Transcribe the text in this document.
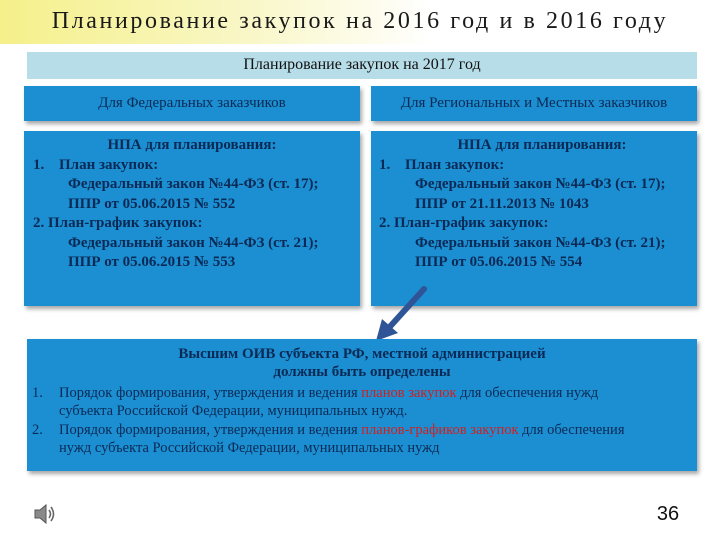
Планирование закупок на 2016 год и в 2016 году
Планирование закупок на 2017 год
Для Федеральных заказчиков	Для Региональных и Местных заказчиков
НПА для планирования:
1. План закупок:
Федеральный закон №44-ФЗ (ст. 17);
ППР от 05.06.2015 № 552
2. План-график закупок:
Федеральный закон №44-ФЗ (ст. 21);
ППР от 05.06.2015 № 553
НПА для планирования:
1. План закупок:
Федеральный закон №44-ФЗ (ст. 17);
ППР от 21.11.2013 № 1043
2. План-график закупок:
Федеральный закон №44-ФЗ (ст. 21);
ППР от 05.06.2015 № 554
Высшим ОИВ субъекта РФ, местной администрацией
должны быть определены
1. Порядок формирования, утверждения и ведения планов закупок для обеспечения нужд
субъекта Российской Федерации, муниципальных нужд.
2. Порядок формирования, утверждения и ведения планов-графиков закупок для обеспечения
нужд субъекта Российской Федерации, муниципальных нужд
36
